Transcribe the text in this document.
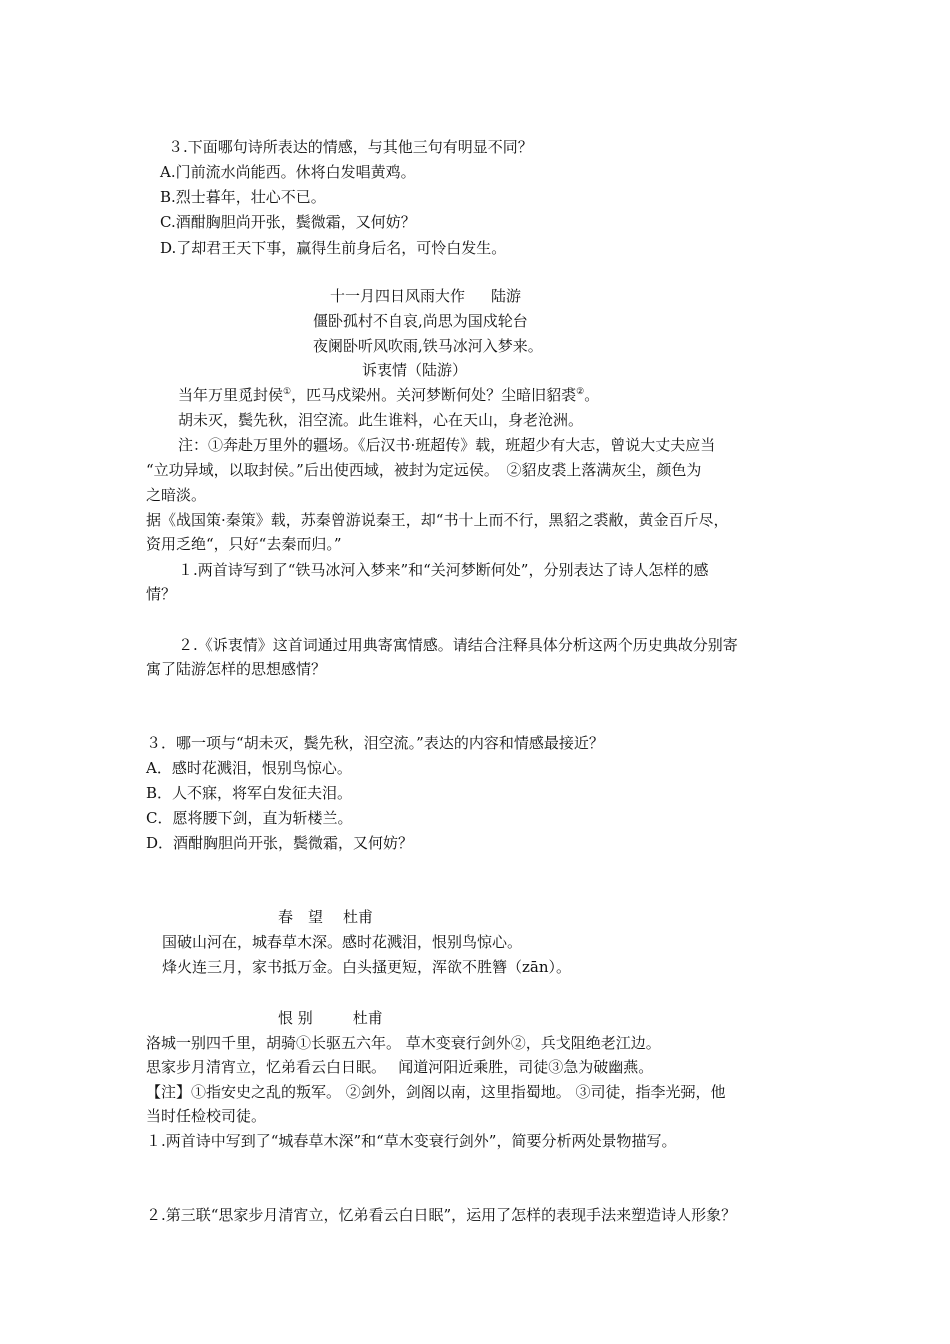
３.下面哪句诗所表达的情感，与其他三句有明显不同？
A.门前流水尚能西。休将白发唱黄鸡。
B.烈士暮年，壮心不已。
C.酒酣胸胆尚开张，鬓微霜，又何妨？
D.了却君王天下事，赢得生前身后名，可怜白发生。
十一月四日风雨大作 陆游
僵卧孤村不自哀,尚思为国戍轮台
夜阑卧听风吹雨,铁马冰河入梦来。
诉衷情（陆游）
当年万里觅封侯①，匹马戍梁州。关河梦断何处？尘暗旧貂裘②。
胡未灭，鬓先秋，泪空流。此生谁料，心在天山，身老沧洲。
注：①奔赴万里外的疆场。《后汉书·班超传》载，班超少有大志，曾说大丈夫应当
“立功异域，以取封侯。”后出使西域，被封为定远侯。　②貂皮裘上落满灰尘，颜色为
之暗淡。
据《战国策·秦策》载，苏秦曾游说秦王，却“书十上而不行，黑貂之裘敝，黄金百斤尽，
资用乏绝“，只好“去秦而归。”
１.两首诗写到了“铁马冰河入梦来”和“关河梦断何处”，分别表达了诗人怎样的感
情？
２.《诉衷情》这首词通过用典寄寓情感。请结合注释具体分析这两个历史典故分别寄
寓了陆游怎样的思想感情？
３．哪一项与“胡未灭，鬓先秋，泪空流。”表达的内容和情感最接近？
A．感时花溅泪，恨别鸟惊心。
B．人不寐，将军白发征夫泪。
C．愿将腰下剑，直为斩楼兰。
D．酒酣胸胆尚开张，鬓微霜，又何妨？
春　望 杜甫
国破山河在，城春草木深。感时花溅泪，恨别鸟惊心。
烽火连三月，家书抵万金。白头搔更短，浑欲不胜簪（zān）。
恨 别	杜甫
洛城一别四千里，胡骑①长驱五六年。 草木变衰行剑外②，兵戈阻绝老江边。
思家步月清宵立，忆弟看云白日眠。　 闻道河阳近乘胜，司徒③急为破幽燕。
【注】①指安史之乱的叛军。 ②剑外，剑阁以南，这里指蜀地。 ③司徒，指李光弼，他
当时任检校司徒。
１.两首诗中写到了“城春草木深”和“草木变衰行剑外”，简要分析两处景物描写。
２.第三联“思家步月清宵立，忆弟看云白日眠”，运用了怎样的表现手法来塑造诗人形象？
